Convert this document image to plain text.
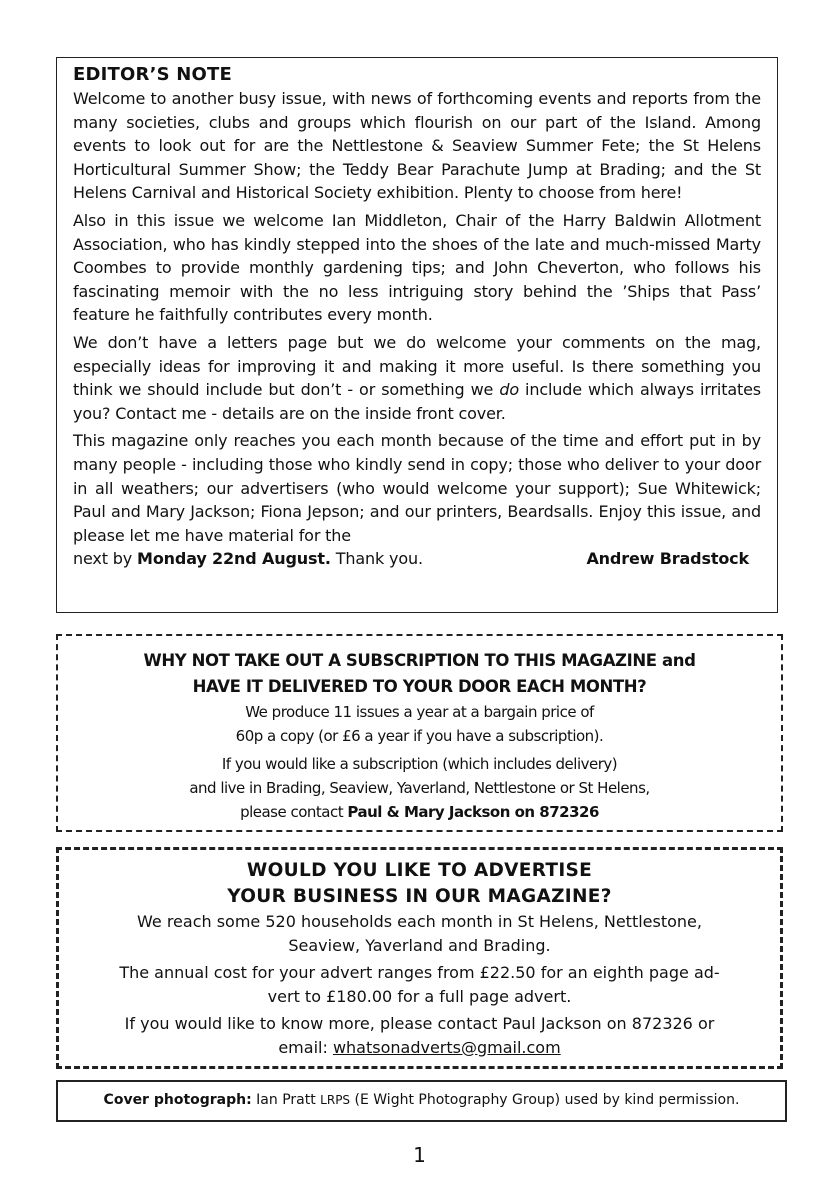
EDITOR’S NOTE

Welcome to another busy issue, with news of forthcoming events and reports from the many societies, clubs and groups which flourish on our part of the Island. Among events to look out for are the Nettlestone & Seaview Summer Fete; the St Helens Horticultural Summer Show; the Teddy Bear Parachute Jump at Brading; and the St Helens Carnival and Historical Society exhibition. Plenty to choose from here!

Also in this issue we welcome Ian Middleton, Chair of the Harry Baldwin Allotment Association, who has kindly stepped into the shoes of the late and much-missed Marty Coombes to provide monthly gardening tips; and John Cheverton, who follows his fascinating memoir with the no less intriguing story behind the ’Ships that Pass’ feature he faithfully contributes every month.

We don’t have a letters page but we do welcome your comments on the mag, especially ideas for improving it and making it more useful. Is there something you think we should include but don’t - or something we do include which always irritates you? Contact me - details are on the inside front cover.

This magazine only reaches you each month because of the time and effort put in by many people - including those who kindly send in copy; those who deliver to your door in all weathers; our advertisers (who would welcome your support); Sue Whitewick; Paul and Mary Jackson; Fiona Jepson; and our printers, Beardsalls. Enjoy this issue, and please let me have material for the

next by Monday 22nd August. Thank you.	Andrew Bradstock

WHY NOT TAKE OUT A SUBSCRIPTION TO THIS MAGAZINE and
HAVE IT DELIVERED TO YOUR DOOR EACH MONTH?
We produce 11 issues a year at a bargain price of
60p a copy (or £6 a year if you have a subscription).
If you would like a subscription (which includes delivery)
and live in Brading, Seaview, Yaverland, Nettlestone or St Helens,
please contact Paul & Mary Jackson on 872326
WOULD YOU LIKE TO ADVERTISE
YOUR BUSINESS IN OUR MAGAZINE?
We reach some 520 households each month in St Helens, Nettlestone,
Seaview, Yaverland and Brading.
The annual cost for your advert ranges from £22.50 for an eighth page ad-
vert to £180.00 for a full page advert.
If you would like to know more, please contact Paul Jackson on 872326 or
email: whatsonadverts@gmail.com
Cover photograph: Ian Pratt LRPS (E Wight Photography Group) used by kind permission.
1
